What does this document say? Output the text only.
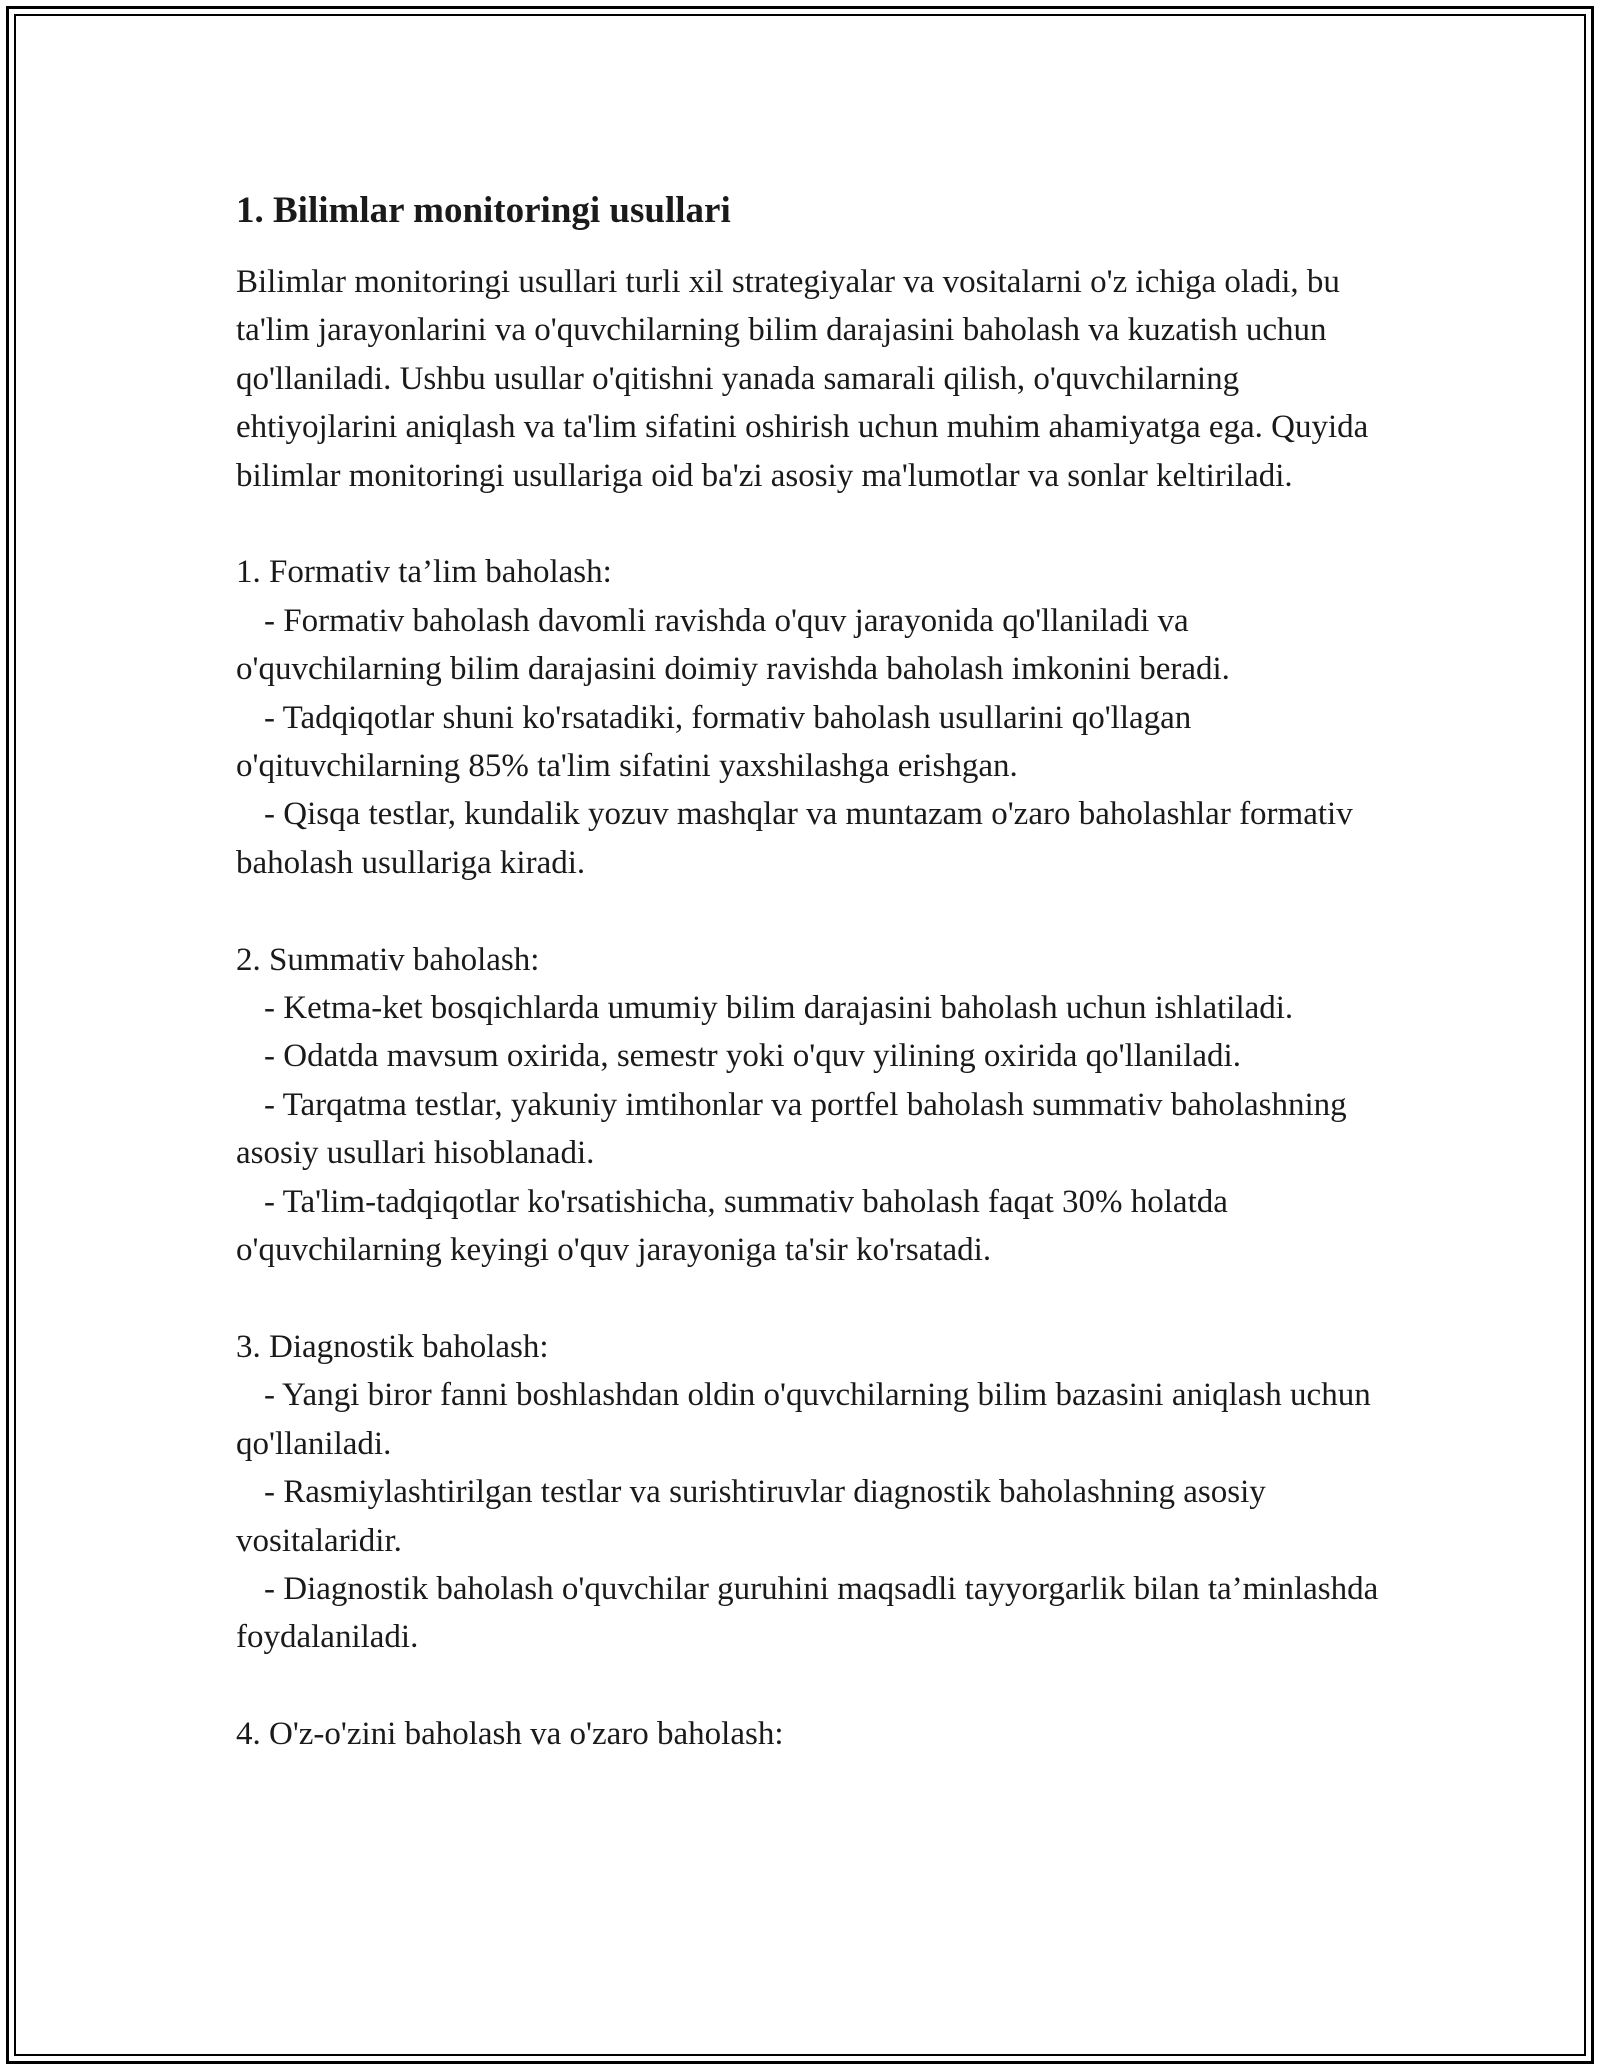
1. Bilimlar monitoringi usullari

Bilimlar monitoringi usullari turli xil strategiyalar va vositalarni o'z ichiga oladi, bu ta'lim jarayonlarini va o'quvchilarning bilim darajasini baholash va kuzatish uchun qo'llaniladi. Ushbu usullar o'qitishni yanada samarali qilish, o'quvchilarning ehtiyojlarini aniqlash va ta'lim sifatini oshirish uchun muhim ahamiyatga ega. Quyida bilimlar monitoringi usullariga oid ba'zi asosiy ma'lumotlar va sonlar keltiriladi.

1. Formativ ta’lim baholash:

- Formativ baholash davomli ravishda o'quv jarayonida qo'llaniladi va o'quvchilarning bilim darajasini doimiy ravishda baholash imkonini beradi.

- Tadqiqotlar shuni ko'rsatadiki, formativ baholash usullarini qo'llagan o'qituvchilarning 85% ta'lim sifatini yaxshilashga erishgan.

- Qisqa testlar, kundalik yozuv mashqlar va muntazam o'zaro baholashlar formativ baholash usullariga kiradi.

2. Summativ baholash:

- Ketma-ket bosqichlarda umumiy bilim darajasini baholash uchun ishlatiladi.

- Odatda mavsum oxirida, semestr yoki o'quv yilining oxirida qo'llaniladi.

- Tarqatma testlar, yakuniy imtihonlar va portfel baholash summativ baholashning asosiy usullari hisoblanadi.

- Ta'lim-tadqiqotlar ko'rsatishicha, summativ baholash faqat 30% holatda o'quvchilarning keyingi o'quv jarayoniga ta'sir ko'rsatadi.

3. Diagnostik baholash:

- Yangi biror fanni boshlashdan oldin o'quvchilarning bilim bazasini aniqlash uchun qo'llaniladi.

- Rasmiylashtirilgan testlar va surishtiruvlar diagnostik baholashning asosiy vositalaridir.

- Diagnostik baholash o'quvchilar guruhini maqsadli tayyorgarlik bilan ta’minlashda foydalaniladi.

4. O'z-o'zini baholash va o'zaro baholash:
